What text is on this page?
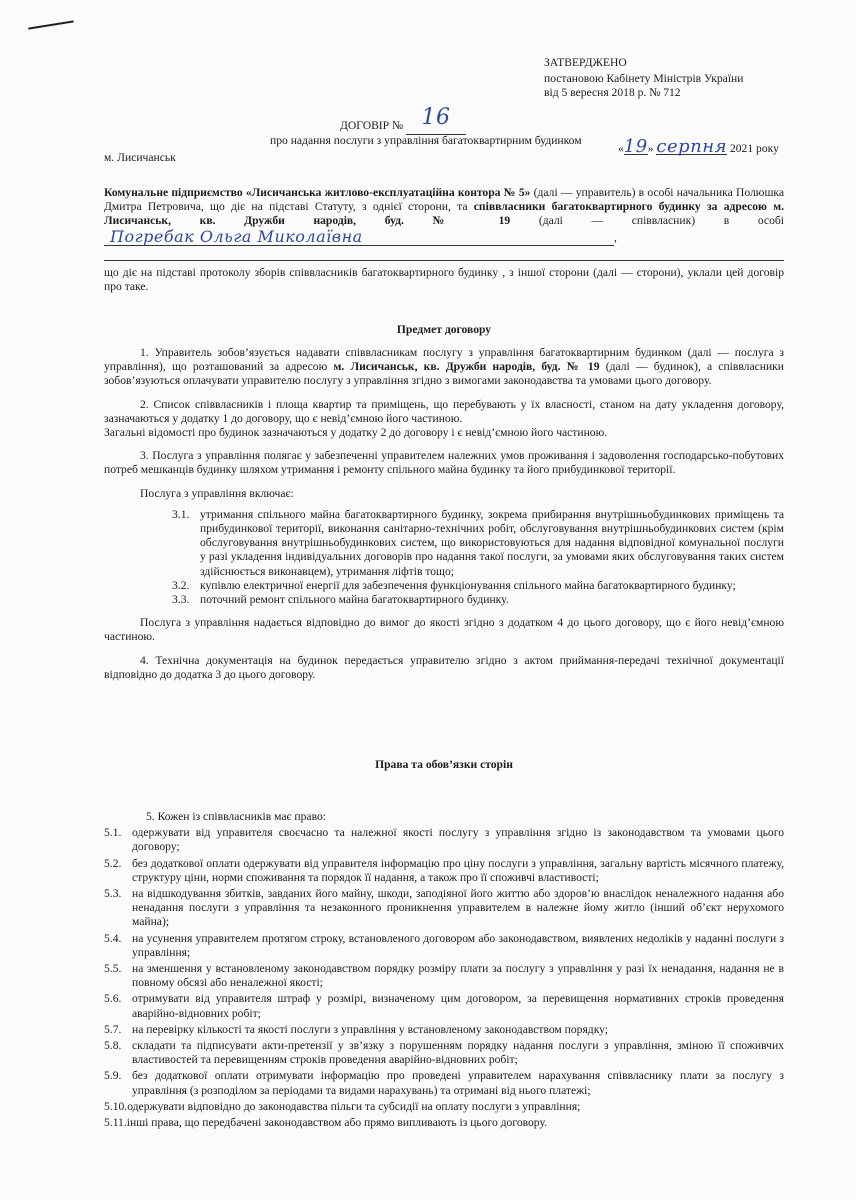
ЗАТВЕРДЖЕНО
постановою Кабінету Міністрів України
від 5 вересня 2018 р. № 712
ДОГОВІР № 16
про надання послуги з управління багатоквартирним будинком
м. Лисичанськ
«19» серпня 2021 року
Комунальне підприємство «Лисичанська житлово-експлуатаційна контора № 5» (далі — управитель) в особі начальника Полюшка Дмитра Петровича, що діє на підставі Статуту, з однієї сторони, та співвласники багатоквартирного будинку за адресою м. Лисичанськ, кв. Дружби народів, буд. № 19 (далі — співвласник) в особіПогребак Ольга Миколаївна	,
що діє на підставі протоколу зборів співвласників багатоквартирного будинку , з іншої сторони (далі — сторони), уклали цей договір про таке.
Предмет договору

1. Управитель зобов’язується надавати співвласникам послугу з управління багатоквартирним будинком (далі — послуга з управління), що розташований за адресою м. Лисичанськ, кв. Дружби народів, буд. № 19 (далі — будинок), а співвласники зобов’язуються оплачувати управителю послугу з управління згідно з вимогами законодавства та умовами цього договору.

2. Список співвласників і площа квартир та приміщень, що перебувають у їх власності, станом на дату укладення договору, зазначаються у додатку 1 до договору, що є невід’ємною його частиною.

Загальні відомості про будинок зазначаються у додатку 2 до договору і є невід’ємною його частиною.

3. Послуга з управління полягає у забезпеченні управителем належних умов проживання і задоволення господарсько-побутових потреб мешканців будинку шляхом утримання і ремонту спільного майна будинку та його прибудинкової території.

Послуга з управління включає:

3.1. утримання спільного майна багатоквартирного будинку, зокрема прибирання внутрішньобудинкових приміщень та прибудинкової території, виконання санітарно-технічних робіт, обслуговування внутрішньобудинкових систем (крім обслуговування внутрішньобудинкових систем, що використовуються для надання відповідної комунальної послуги у разі укладення індивідуальних договорів про надання такої послуги, за умовами яких обслуговування таких систем здійснюється виконавцем), утримання ліфтів тощо;
3.2. купівлю електричної енергії для забезпечення функціонування спільного майна багатоквартирного будинку;
3.3. поточний ремонт спільного майна багатоквартирного будинку.

Послуга з управління надається відповідно до вимог до якості згідно з додатком 4 до цього договору, що є його невід’ємною частиною.

4. Технічна документація на будинок передається управителю згідно з актом приймання-передачі технічної документації відповідно до додатка 3 до цього договору.

Права та обов’язки сторін

5. Кожен із співвласників має право:

5.1. одержувати від управителя своєчасно та належної якості послугу з управління згідно із законодавством та умовами цього договору;
5.2. без додаткової оплати одержувати від управителя інформацію про ціну послуги з управління, загальну вартість місячного платежу, структуру ціни, норми споживання та порядок її надання, а також про її споживчі властивості;
5.3. на відшкодування збитків, завданих його майну, шкоди, заподіяної його життю або здоров’ю внаслідок неналежного надання або ненадання послуги з управління та незаконного проникнення управителем в належне йому житло (інший об’єкт нерухомого майна);
5.4. на усунення управителем протягом строку, встановленого договором або законодавством, виявлених недоліків у наданні послуги з управління;
5.5. на зменшення у встановленому законодавством порядку розміру плати за послугу з управління у разі їх ненадання, надання не в повному обсязі або неналежної якості;
5.6. отримувати від управителя штраф у розмірі, визначеному цим договором, за перевищення нормативних строків проведення аварійно-відновних робіт;
5.7. на перевірку кількості та якості послуги з управління у встановленому законодавством порядку;
5.8. складати та підписувати акти-претензії у зв’язку з порушенням порядку надання послуги з управління, зміною її споживчих властивостей та перевищенням строків проведення аварійно-відновних робіт;
5.9. без додаткової оплати отримувати інформацію про проведені управителем нарахування співвласнику плати за послугу з управління (з розподілом за періодами та видами нарахувань) та отримані від нього платежі;
5.10.одержувати відповідно до законодавства пільги та субсидії на оплату послуги з управління;
5.11.інші права, що передбачені законодавством або прямо випливають із цього договору.
